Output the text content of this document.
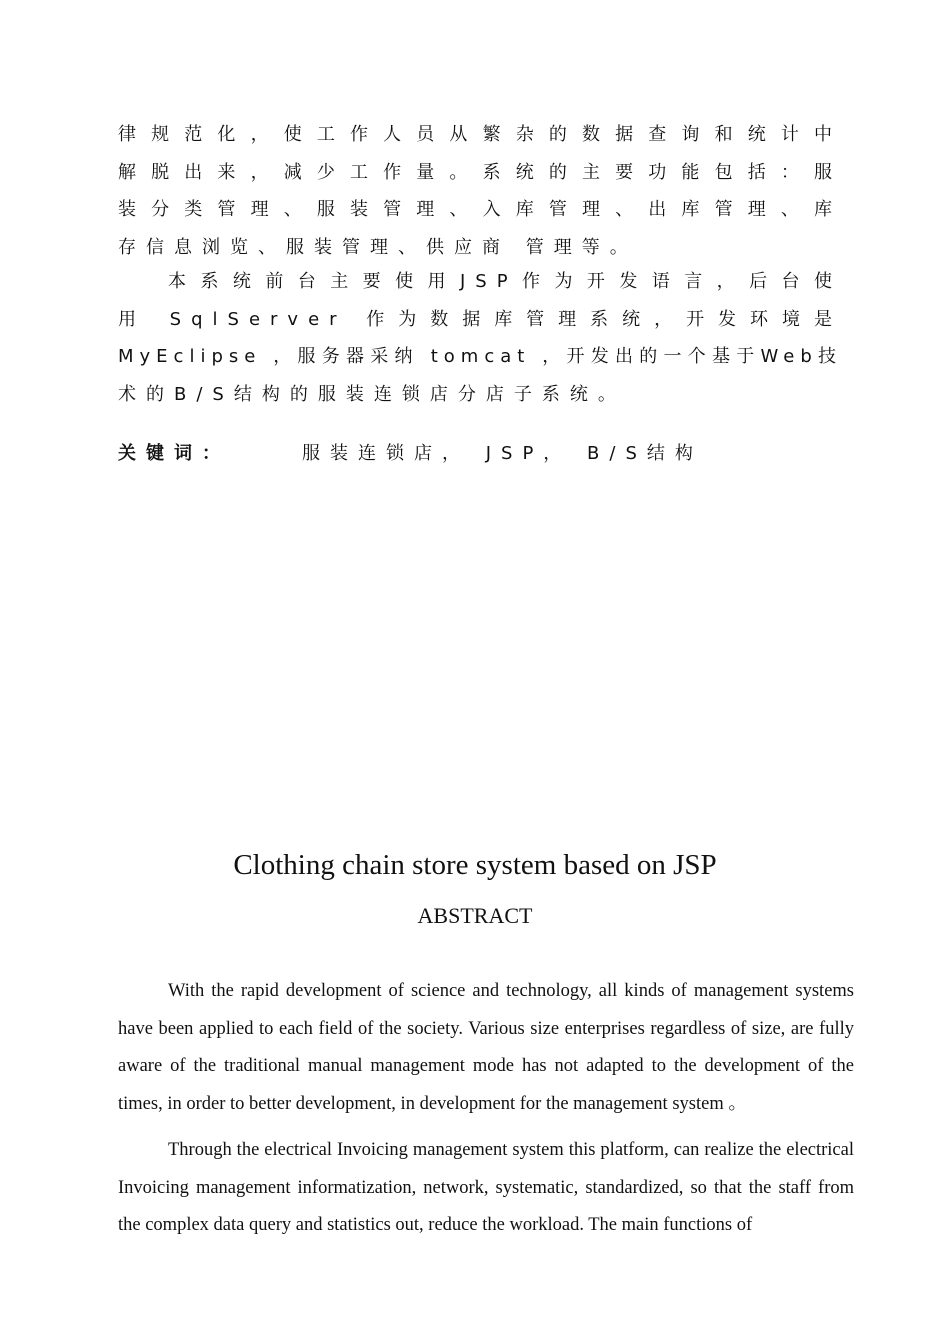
律规范化，使工作人员从繁杂的数据查询和统计中
解脱出来，减少工作量。系统的主要功能包括：服
装分类管理、服装管理、入库管理、出库管理、库
存信息浏览、服装管理、供应商 管理等。
本系统前台主要使用JSP作为开发语言，后台使
用 SqlServer 作为数据库管理系统，开发环境是
MyEclipse ，服务器采纳 tomcat ，开发出的一个基于Web技
术的B/S结构的服装连锁店分店子系统。
关键词：	服装连锁店， JSP， B/S结构
Clothing chain store system based on JSP
ABSTRACT

With the rapid development of science and technology, all kinds of management systems have been applied to each field of the society. Various size enterprises regardless of size, are fully aware of the traditional manual management mode has not adapted to the development of the times, in order to better development, in development for the management system 。

Through the electrical Invoicing management system this platform, can realize the electrical Invoicing management informatization, network, systematic, standardized, so that the staff from the complex data query and statistics out, reduce the workload. The main functions of
